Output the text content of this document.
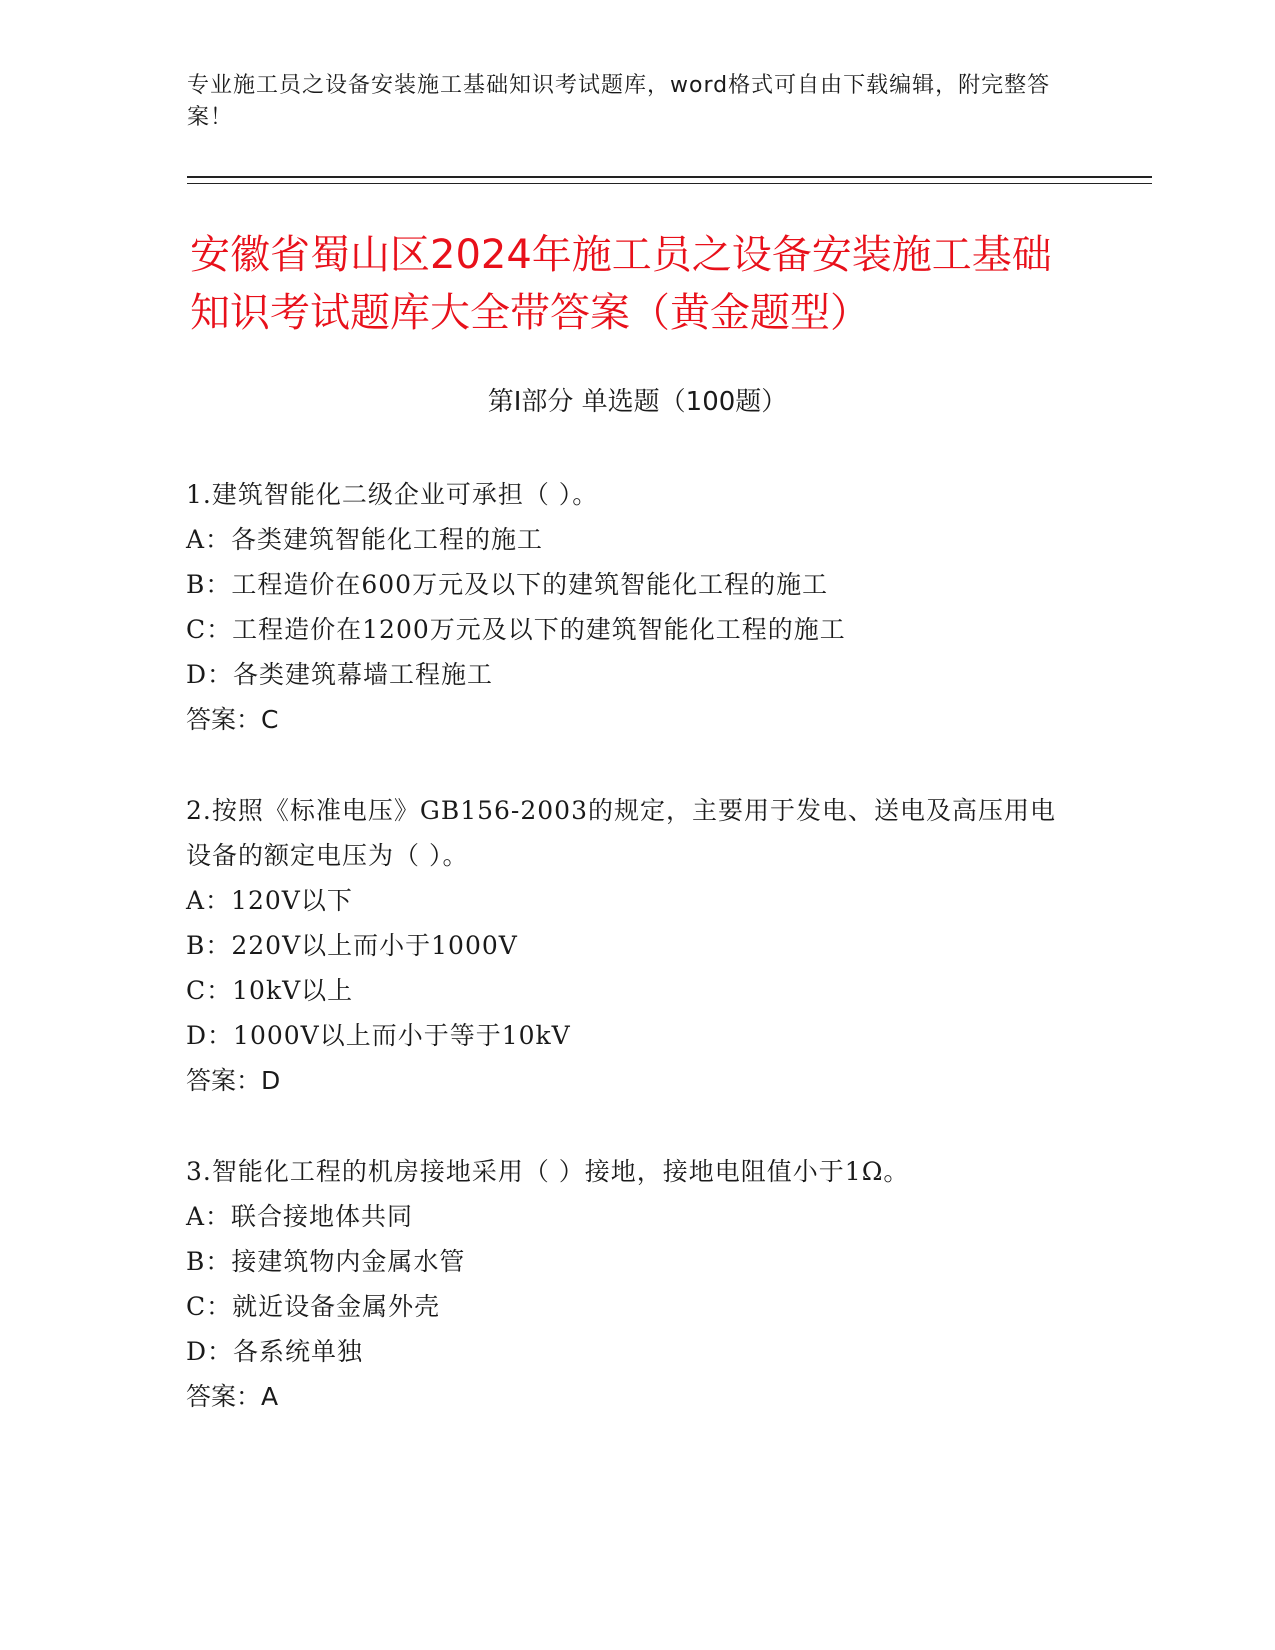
专业施工员之设备安装施工基础知识考试题库，word格式可自由下载编辑，附完整答案！
安徽省蜀山区2024年施工员之设备安装施工基础知识考试题库大全带答案（黄金题型）
第Ⅰ部分 单选题（100题）

1.建筑智能化二级企业可承担（ ）。

A：各类建筑智能化工程的施工

B：工程造价在600万元及以下的建筑智能化工程的施工

C：工程造价在1200万元及以下的建筑智能化工程的施工

D：各类建筑幕墙工程施工

答案：C

2.按照《标准电压》GB156-2003的规定，主要用于发电、送电及高压用电设备的额定电压为（ ）。

A：120V以下

B：220V以上而小于1000V

C：10kV以上

D：1000V以上而小于等于10kV

答案：D

3.智能化工程的机房接地采用（ ）接地，接地电阻值小于1Ω。

A：联合接地体共同

B：接建筑物内金属水管

C：就近设备金属外壳

D：各系统单独

答案：A
